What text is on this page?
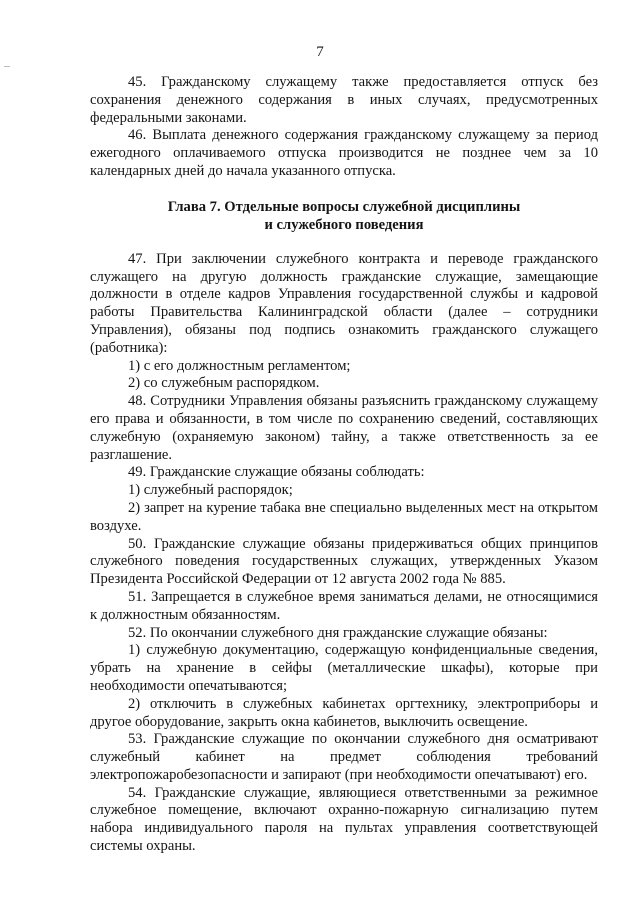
7

45. Гражданскому служащему также предоставляется отпуск без сохранения денежного содержания в иных случаях, предусмотренных федеральными законами.

46. Выплата денежного содержания гражданскому служащему за период ежегодного оплачиваемого отпуска производится не позднее чем за 10 календарных дней до начала указанного отпуска.

Глава 7. Отдельные вопросы служебной дисциплины
и служебного поведения

47. При заключении служебного контракта и переводе гражданского служащего на другую должность гражданские служащие, замещающие должности в отделе кадров Управления государственной службы и кадровой работы Правительства Калининградской области (далее – сотрудники Управления), обязаны под подпись ознакомить гражданского служащего (работника):

1) с его должностным регламентом;

2) со служебным распорядком.

48. Сотрудники Управления обязаны разъяснить гражданскому служащему его права и обязанности, в том числе по сохранению сведений, составляющих служебную (охраняемую законом) тайну, а также ответственность за ее разглашение.

49. Гражданские служащие обязаны соблюдать:

1) служебный распорядок;

2) запрет на курение табака вне специально выделенных мест на открытом воздухе.

50. Гражданские служащие обязаны придерживаться общих принципов служебного поведения государственных служащих, утвержденных Указом Президента Российской Федерации от 12 августа 2002 года № 885.

51. Запрещается в служебное время заниматься делами, не относящимися к должностным обязанностям.

52. По окончании служебного дня гражданские служащие обязаны:

1) служебную документацию, содержащую конфиденциальные сведения, убрать на хранение в сейфы (металлические шкафы), которые при необходимости опечатываются;

2) отключить в служебных кабинетах оргтехнику, электроприборы и другое оборудование, закрыть окна кабинетов, выключить освещение.

53. Гражданские служащие по окончании служебного дня осматривают служебный кабинет на предмет соблюдения требований электропожаробезопасности и запирают (при необходимости опечатывают) его.

54. Гражданские служащие, являющиеся ответственными за режимное служебное помещение, включают охранно-пожарную сигнализацию путем набора индивидуального пароля на пультах управления соответствующей системы охраны.
